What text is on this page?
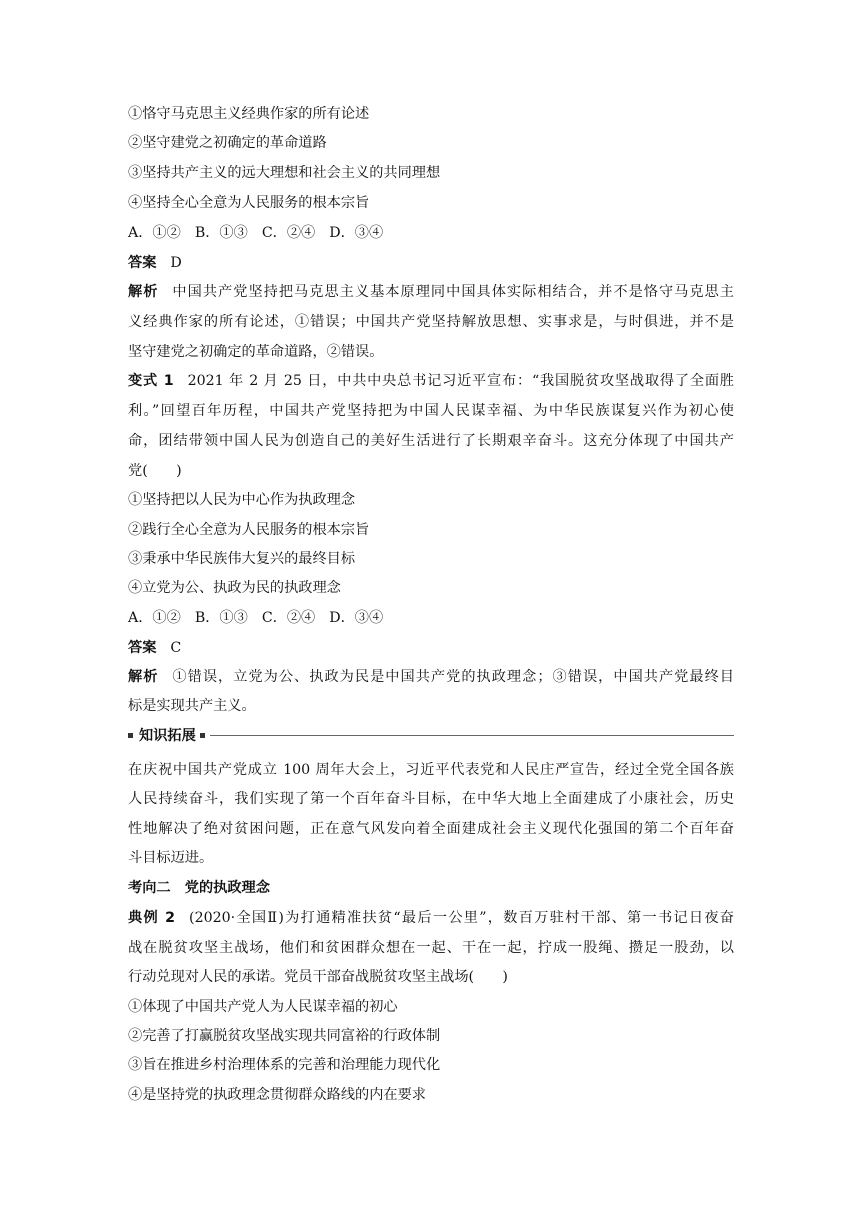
①恪守马克思主义经典作家的所有论述
②坚守建党之初确定的革命道路
③坚持共产主义的远大理想和社会主义的共同理想
④坚持全心全意为人民服务的根本宗旨
A．①② B．①③ C．②④ D．③④
答案 D
解析 中国共产党坚持把马克思主义基本原理同中国具体实际相结合，并不是恪守马克思主
义经典作家的所有论述，①错误；中国共产党坚持解放思想、实事求是，与时俱进，并不是
坚守建党之初确定的革命道路，②错误。
变式 1 2021 年 2 月 25 日，中共中央总书记习近平宣布：“我国脱贫攻坚战取得了全面胜
利。”回望百年历程，中国共产党坚持把为中国人民谋幸福、为中华民族谋复兴作为初心使
命，团结带领中国人民为创造自己的美好生活进行了长期艰辛奋斗。这充分体现了中国共产
党(　　)
①坚持把以人民为中心作为执政理念
②践行全心全意为人民服务的根本宗旨
③秉承中华民族伟大复兴的最终目标
④立党为公、执政为民的执政理念
A．①② B．①③ C．②④ D．③④
答案 C
解析 ①错误，立党为公、执政为民是中国共产党的执政理念；③错误，中国共产党最终目
标是实现共产主义。
知识拓展
在庆祝中国共产党成立 100 周年大会上，习近平代表党和人民庄严宣告，经过全党全国各族
人民持续奋斗，我们实现了第一个百年奋斗目标，在中华大地上全面建成了小康社会，历史
性地解决了绝对贫困问题，正在意气风发向着全面建成社会主义现代化强国的第二个百年奋
斗目标迈进。
考向二　党的执政理念
典例 2 (2020·全国Ⅱ)为打通精准扶贫“最后一公里”，数百万驻村干部、第一书记日夜奋
战在脱贫攻坚主战场，他们和贫困群众想在一起、干在一起，拧成一股绳、攒足一股劲，以
行动兑现对人民的承诺。党员干部奋战脱贫攻坚主战场(　　)
①体现了中国共产党人为人民谋幸福的初心
②完善了打赢脱贫攻坚战实现共同富裕的行政体制
③旨在推进乡村治理体系的完善和治理能力现代化
④是坚持党的执政理念贯彻群众路线的内在要求
